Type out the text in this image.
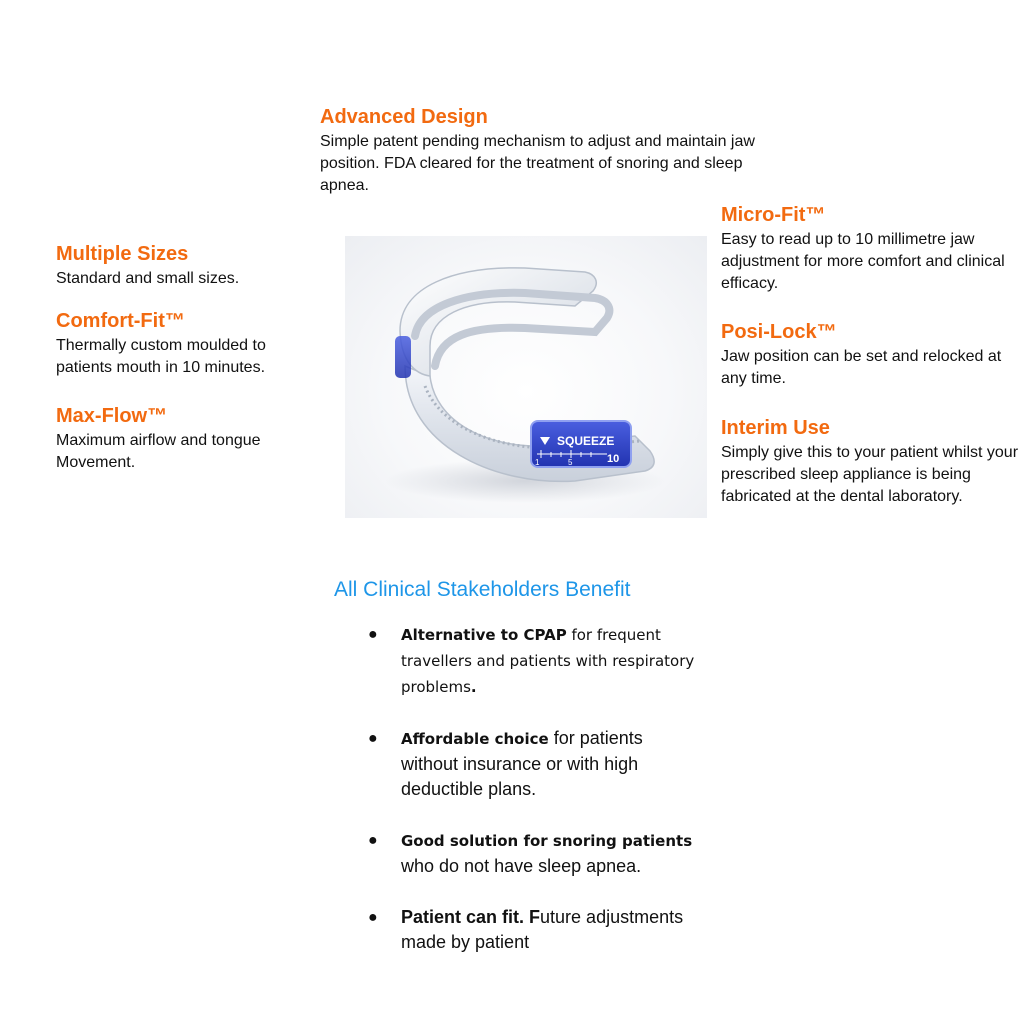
Advanced Design
Simple patent pending mechanism to adjust and maintain jaw position. FDA cleared for the treatment of snoring and sleep apnea.
Micro-Fit™
Easy to read up to 10 millimetre jaw adjustment for more comfort and clinical efficacy.
Multiple Sizes
Standard and small sizes.
Comfort-Fit™
Thermally custom moulded to patients mouth in 10 minutes.
Posi-Lock™
Jaw position can be set and relocked at any time.
Max-Flow™
Maximum airflow and tongue Movement.
Interim Use
Simply give this to your patient whilst your prescribed sleep appliance is being fabricated at the dental laboratory.
SQUEEZE
1	5	10
All Clinical Stakeholders Benefit
● Alternative to CPAP for frequent travellers and patients with respiratory problems.
● Affordable choice for patients without insurance or with high deductible plans.
● Good solution for snoring patients who do not have sleep apnea.
● Patient can fit. Future adjustments made by patient
